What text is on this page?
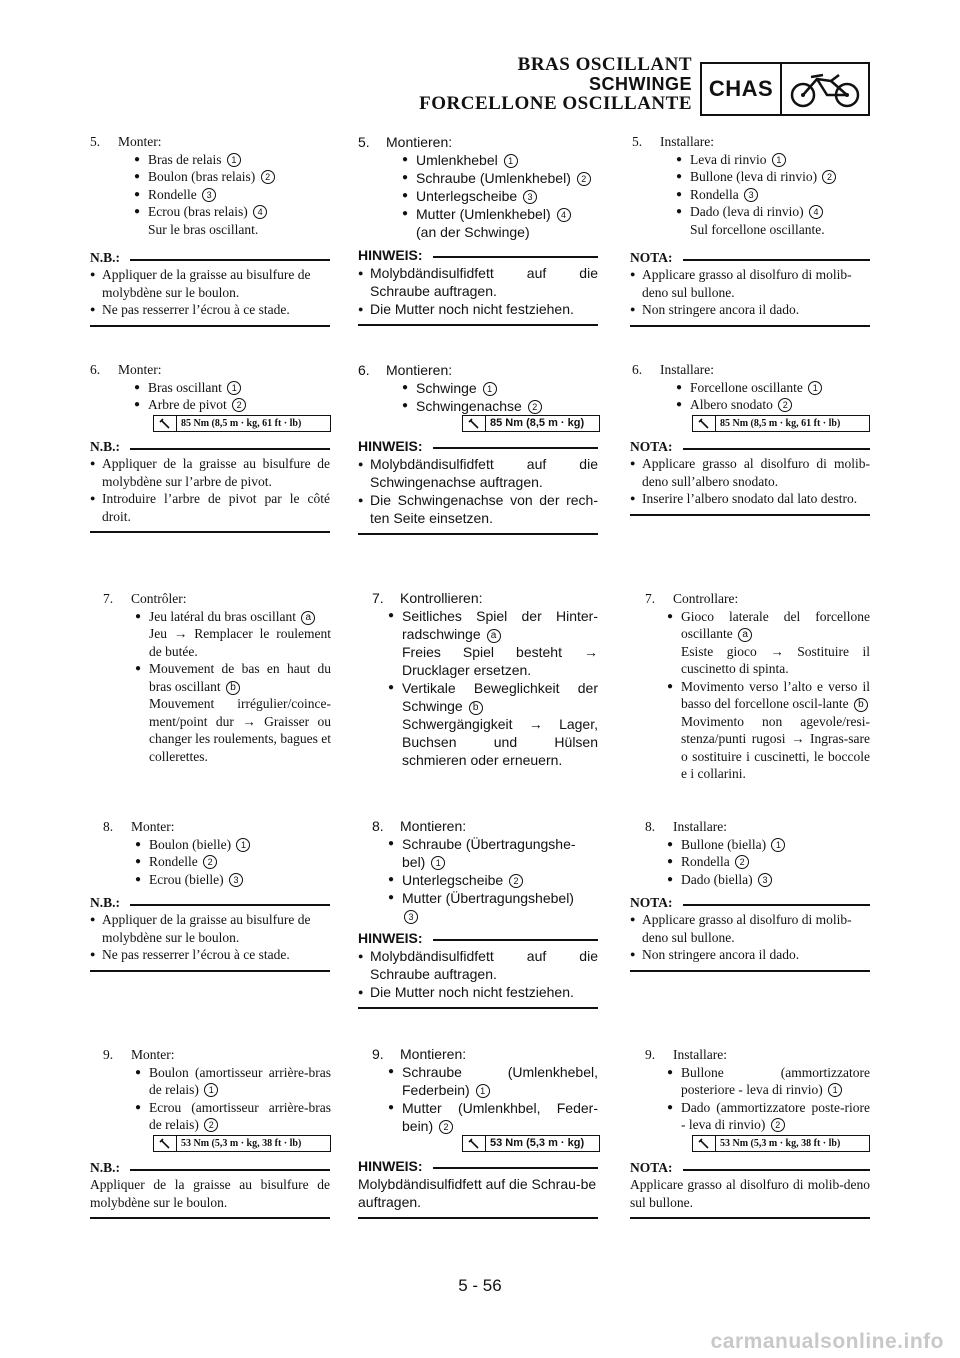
BRAS OSCILLANT
SCHWINGE
FORCELLONE OSCILLANTE
CHAS
5. Monter:
● Bras de relais 1
● Boulon (bras relais) 2
● Rondelle 3
● Ecrou (bras relais) 4
Sur le bras oscillant.
N.B.:
● Appliquer de la graisse au bisulfure de molybdène sur le boulon.
● Ne pas resserrer l’écrou à ce stade.
6. Monter:
● Bras oscillant 1
● Arbre de pivot 2
85 Nm (8,5 m · kg, 61 ft · lb)
N.B.:
● Appliquer de la graisse au bisulfure de molybdène sur l’arbre de pivot.
● Introduire l’arbre de pivot par le côté droit.
7. Contrôler:
● Jeu latéral du bras oscillant a
Jeu → Remplacer le roulement de butée.
● Mouvement de bas en haut du bras oscillant b
Mouvement irrégulier/coince-ment/point dur → Graisser ou changer les roulements, bagues et collerettes.
8. Monter:
● Boulon (bielle) 1
● Rondelle 2
● Ecrou (bielle) 3
N.B.:
● Appliquer de la graisse au bisulfure de molybdène sur le boulon.
● Ne pas resserrer l’écrou à ce stade.
9. Monter:
● Boulon (amortisseur arrière-bras de relais) 1
● Ecrou (amortisseur arrière-bras de relais) 2
53 Nm (5,3 m · kg, 38 ft · lb)
N.B.:
Appliquer de la graisse au bisulfure de molybdène sur le boulon.
5. Montieren:
● Umlenkhebel 1
● Schraube (Umlenkhebel) 2
● Unterlegscheibe 3
● Mutter (Umlenkhebel) 4
(an der Schwinge)
HINWEIS:
● Molybdändisulfidfett auf die Schraube auftragen.
● Die Mutter noch nicht festziehen.
6. Montieren:
● Schwinge 1
● Schwingenachse 2
85 Nm (8,5 m · kg)
HINWEIS:
● Molybdändisulfidfett auf die Schwingenachse auftragen.
● Die Schwingenachse von der rech-ten Seite einsetzen.
7. Kontrollieren:
● Seitliches Spiel der Hinter-radschwinge a
Freies Spiel besteht → Drucklager ersetzen.
● Vertikale Beweglichkeit der Schwinge b
Schwergängigkeit → Lager, Buchsen und Hülsen schmieren oder erneuern.
8. Montieren:
● Schraube (Übertragungshe-bel) 1
● Unterlegscheibe 2
● Mutter (Übertragungshebel)
3
HINWEIS:
● Molybdändisulfidfett auf die Schraube auftragen.
● Die Mutter noch nicht festziehen.
9. Montieren:
● Schraube (Umlenkhebel, Federbein) 1
● Mutter (Umlenkhbel, Feder-bein) 2
53 Nm (5,3 m · kg)
HINWEIS:
Molybdändisulfidfett auf die Schrau-be auftragen.
5. Installare:
● Leva di rinvio 1
● Bullone (leva di rinvio) 2
● Rondella 3
● Dado (leva di rinvio) 4
Sul forcellone oscillante.
NOTA:
● Applicare grasso al disolfuro di molib-deno sul bullone.
● Non stringere ancora il dado.
6. Installare:
● Forcellone oscillante 1
● Albero snodato 2
85 Nm (8,5 m · kg, 61 ft · lb)
NOTA:
● Applicare grasso al disolfuro di molib-deno sull’albero snodato.
● Inserire l’albero snodato dal lato destro.
7. Controllare:
● Gioco laterale del forcellone oscillante a
Esiste gioco → Sostituire il cuscinetto di spinta.
● Movimento verso l’alto e verso il basso del forcellone oscil-lante b
Movimento non agevole/resi-stenza/punti rugosi → Ingras-sare o sostituire i cuscinetti, le boccole e i collarini.
8. Installare:
● Bullone (biella) 1
● Rondella 2
● Dado (biella) 3
NOTA:
● Applicare grasso al disolfuro di molib-deno sul bullone.
● Non stringere ancora il dado.
9. Installare:
● Bullone (ammortizzatore posteriore - leva di rinvio) 1
● Dado (ammortizzatore poste-riore - leva di rinvio) 2
53 Nm (5,3 m · kg, 38 ft · lb)
NOTA:
Applicare grasso al disolfuro di molib-deno sul bullone.
5 - 56
carmanualsonline.info
